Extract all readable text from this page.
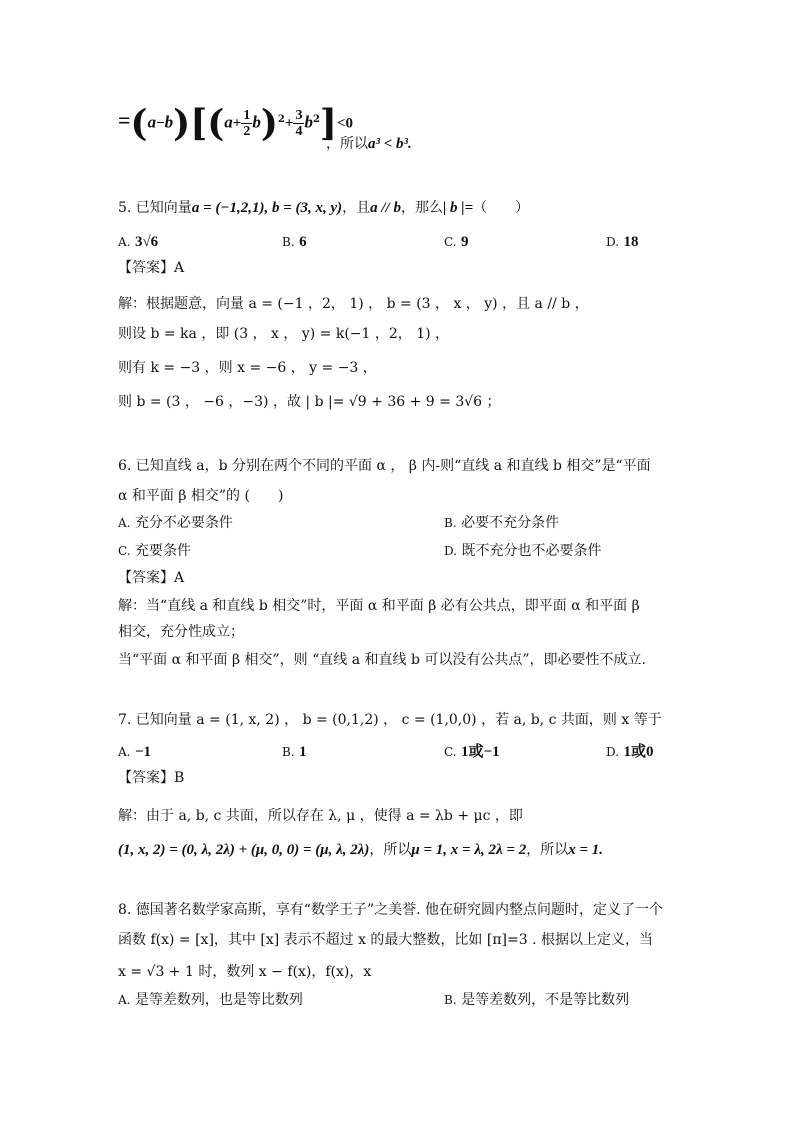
$=(a-b)[(a+ \frac{1}{2} b)^2+ \frac{3}{4} b^2]<0$
，所以a³ < b³.
5. 已知向量a = (−1,2,1), b = (3, x, y)，且a // b，那么| b |=（　　）
A. 3√6	B. 6	C. 9	D. 18
【答案】A
解：根据题意，向量 a = (−1 ，2， 1) ， b = (3 ， x ， y) ，且 a // b ，
则设 b = ka ，即 (3 ， x ， y) = k(−1 ，2， 1) ，
则有 k = −3 ，则 x = −6 ， y = −3 ，
则 b = (3 ， −6 ，−3) ，故 | b |= √9 + 36 + 9 = 3√6 ；
6. 已知直线 a，b 分别在两个不同的平面 α ， β 内-则“直线 a 和直线 b 相交”是“平面
α 和平面 β 相交”的 (　　)
A. 充分不必要条件	B. 必要不充分条件
C. 充要条件	D. 既不充分也不必要条件
【答案】A
解：当“直线 a 和直线 b 相交”时，平面 α 和平面 β 必有公共点，即平面 α 和平面 β
相交，充分性成立；
当“平面 α 和平面 β 相交”，则 “直线 a 和直线 b 可以没有公共点”，即必要性不成立.
7. 已知向量 a = (1, x, 2) ， b = (0,1,2) ， c = (1,0,0) ，若 a, b, c 共面，则 x 等于
A. −1	B. 1	C. 1或−1	D. 1或0
【答案】B
解：由于 a, b, c 共面，所以存在 λ, μ ，使得 a = λb + μc ，即
(1, x, 2) = (0, λ, 2λ) + (μ, 0, 0) = (μ, λ, 2λ)，所以μ = 1, x = λ, 2λ = 2，所以x = 1.
8. 德国著名数学家高斯，享有“数学王子”之美誉. 他在研究圆内整点问题时，定义了一个
函数 f(x) = [x]，其中 [x] 表示不超过 x 的最大整数，比如 [π]=3 . 根据以上定义，当
x = √3 + 1 时，数列 x − f(x)，f(x)，x
A. 是等差数列，也是等比数列	B. 是等差数列，不是等比数列
